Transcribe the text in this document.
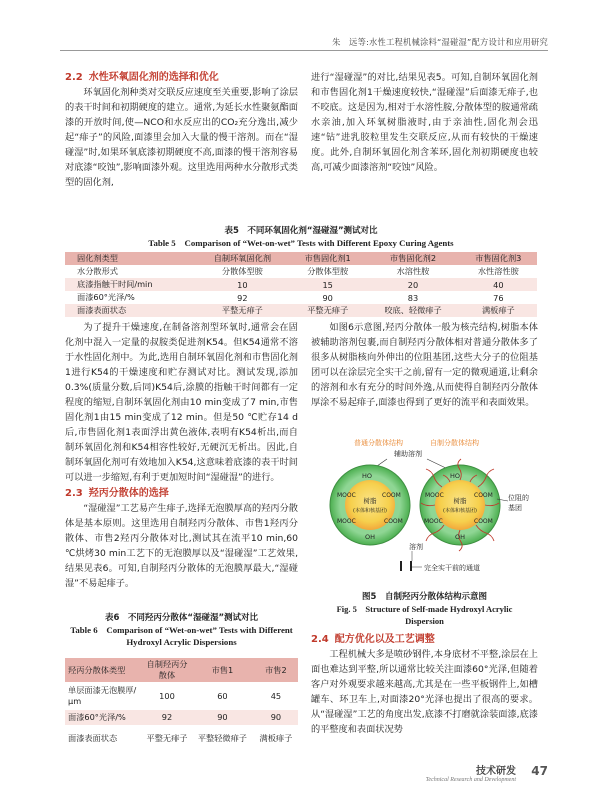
朱　远等:水性工程机械涂料“湿碰湿”配方设计和应用研究
2.2 水性环氧固化剂的选择和优化

环氧固化剂种类对交联反应速度至关重要,影响了涂层的表干时间和初期硬度的建立。通常,为延长水性聚氨酯面漆的开放时间,使—NCO和水反应出的CO₂充分逸出,减少起“痱子”的风险,面漆里会加入大量的慢干溶剂。而在“湿碰湿”时,如果环氧底漆初期硬度不高,面漆的慢干溶剂容易对底漆“咬蚀”,影响面漆外观。这里选用两种水分散形式类型的固化剂,

进行“湿碰湿”的对比,结果见表5。可知,自制环氧固化剂和市售固化剂1干燥速度较快,“湿碰湿”后面漆无痱子,也不咬底。这是因为,相对于水溶性胺,分散体型的胺通常疏水亲油,加入环氧树脂液时,由于亲油性,固化剂会迅速“钻”进乳胶粒里发生交联反应,从而有较快的干燥速度。此外,自制环氧固化剂含苯环,固化剂初期硬度也较高,可减少面漆溶剂“咬蚀”风险。

表5　不同环氧固化剂“湿碰湿”测试对比
Table 5　Comparison of “Wet-on-wet” Tests with Different Epoxy Curing Agents
固化剂类型	自制环氧固化剂	市售固化剂1	市售固化剂2	市售固化剂3
水分散形式	分散体型胺	分散体型胺	水溶性胺	水性溶性胺
底漆指触干时间/min	10	15	20	40
面漆60°光泽/%	92	90	83	76
面漆表面状态	平整无痱子	平整无痱子	咬底、轻微痱子	满板痱子

为了提升干燥速度,在制备溶剂型环氧时,通常会在固化剂中混入一定量的叔胺类促进剂K54。但K54通常不溶于水性固化剂中。为此,选用自制环氧固化剂和市售固化剂1进行K54的干燥速度和贮存测试对比。测试发现,添加0.3%(质量分数,后同)K54后,涂膜的指触干时间都有一定程度的缩短,自制环氧固化剂由10 min变成了7 min,市售固化剂1由15 min变成了12 min。但是50 ℃贮存14 d后,市售固化剂1表面浮出黄色液体,表明有K54析出,而自制环氧固化剂和K54相容性较好,无硬沉无析出。因此,自制环氧固化剂可有效地加入K54,这意味着底漆的表干时间可以进一步缩短,有利于更加短时间“湿碰湿”的进行。

2.3 羟丙分散体的选择

“湿碰湿”工艺易产生痱子,选择无泡膜厚高的羟丙分散体是基本原则。这里选用自制羟丙分散体、市售1羟丙分散体、市售2羟丙分散体对比,测试其在流平10 min,60 ℃烘烤30 min工艺下的无泡膜厚以及“湿碰湿”工艺效果,结果见表6。可知,自制羟丙分散体的无泡膜厚最大,“湿碰湿”不易起痱子。

表6　不同羟丙分散体“湿碰湿”测试对比
Table 6　Comparison of “Wet-on-wet” Tests with Different
Hydroxyl Acrylic Dispersions
羟丙分散体类型	自制羟丙分散体	市售1	市售2
单层面漆无泡膜厚/μm	100	60	45
面漆60°光泽/%	92	90	90
面漆表面状态	平整无痱子	平整轻微痱子	满板痱子

如图6示意图,羟丙分散体一般为核壳结构,树脂本体被辅助溶剂包裹,而自制羟丙分散体相对普通分散体多了很多从树脂核向外伸出的位阻基团,这些大分子的位阻基团可以在涂层完全实干之前,留有一定的微观通道,让剩余的溶剂和水有充分的时间外逸,从而使得自制羟丙分散体厚涂不易起痱子,面漆也得到了更好的流平和表面效果。

普通分散体结构	自制分散体结构
辅助溶剂
树脂
(本体和核基团)
HO
MOOC	COOM
MOOC	COOM
OH
树脂
(本体和核基团)
HO
MOOC	COOM
MOOC	COOM
OH
位阻的
基团
溶剂
完全实干前的通道
图5　自制羟丙分散体结构示意图
Fig. 5　Structure of Self-made Hydroxyl Acrylic
Dispersion
2.4 配方优化以及工艺调整

工程机械大多是喷砂钢件,本身底材不平整,涂层在上面也难达到平整,所以通常比较关注面漆60°光泽,但随着客户对外观要求越来越高,尤其是在一些平板钢件上,如槽罐车、环卫车上,对面漆20°光泽也提出了很高的要求。从“湿碰湿”工艺的角度出发,底漆不打磨就涂装面漆,底漆的平整度和表面状况势

技术研发
Technical Research and Development
47
